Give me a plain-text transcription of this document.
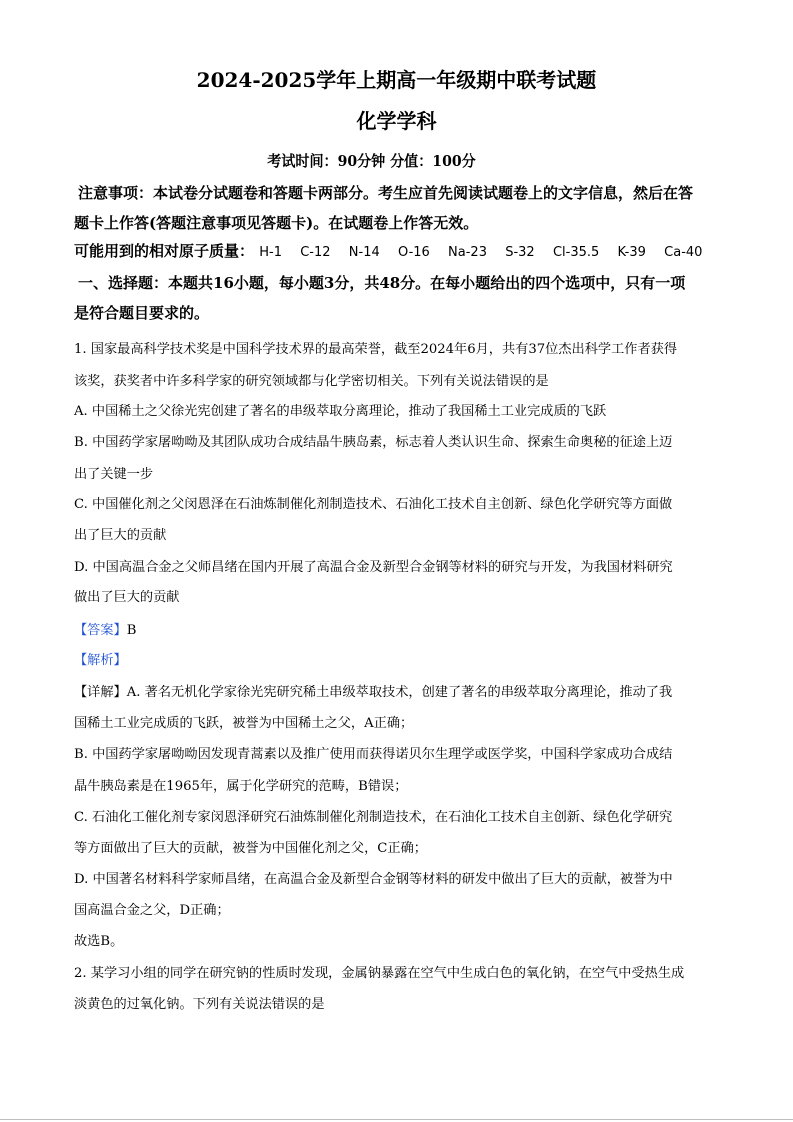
2024-2025学年上期高一年级期中联考试题
化学学科
考试时间：90分钟 分值：100分
注意事项：本试卷分试题卷和答题卡两部分。考生应首先阅读试题卷上的文字信息，然后在答
题卡上作答(答题注意事项见答题卡)。在试题卷上作答无效。
可能用到的相对原子质量： H-1 C-12 N-14 O-16 Na-23 S-32 Cl-35.5 K-39 Ca-40
一、选择题：本题共16小题，每小题3分，共48分。在每小题给出的四个选项中，只有一项
是符合题目要求的。
1. 国家最高科学技术奖是中国科学技术界的最高荣誉，截至2024年6月，共有37位杰出科学工作者获得
该奖，获奖者中许多科学家的研究领域都与化学密切相关。下列有关说法错误的是
A. 中国稀土之父徐光宪创建了著名的串级萃取分离理论，推动了我国稀土工业完成质的飞跃
B. 中国药学家屠呦呦及其团队成功合成结晶牛胰岛素，标志着人类认识生命、探索生命奥秘的征途上迈
出了关键一步
C. 中国催化剂之父闵恩泽在石油炼制催化剂制造技术、石油化工技术自主创新、绿色化学研究等方面做
出了巨大的贡献
D. 中国高温合金之父师昌绪在国内开展了高温合金及新型合金钢等材料的研究与开发，为我国材料研究
做出了巨大的贡献
【答案】B
【解析】
【详解】A. 著名无机化学家徐光宪研究稀土串级萃取技术，创建了著名的串级萃取分离理论，推动了我
国稀土工业完成质的飞跃，被誉为中国稀土之父，A正确；
B. 中国药学家屠呦呦因发现青蒿素以及推广使用而获得诺贝尔生理学或医学奖，中国科学家成功合成结
晶牛胰岛素是在1965年，属于化学研究的范畴，B错误；
C. 石油化工催化剂专家闵恩泽研究石油炼制催化剂制造技术，在石油化工技术自主创新、绿色化学研究
等方面做出了巨大的贡献，被誉为中国催化剂之父，C正确；
D. 中国著名材料科学家师昌绪，在高温合金及新型合金钢等材料的研发中做出了巨大的贡献，被誉为中
国高温合金之父，D正确；
故选B。
2. 某学习小组的同学在研究钠的性质时发现，金属钠暴露在空气中生成白色的氧化钠，在空气中受热生成
淡黄色的过氧化钠。下列有关说法错误的是
